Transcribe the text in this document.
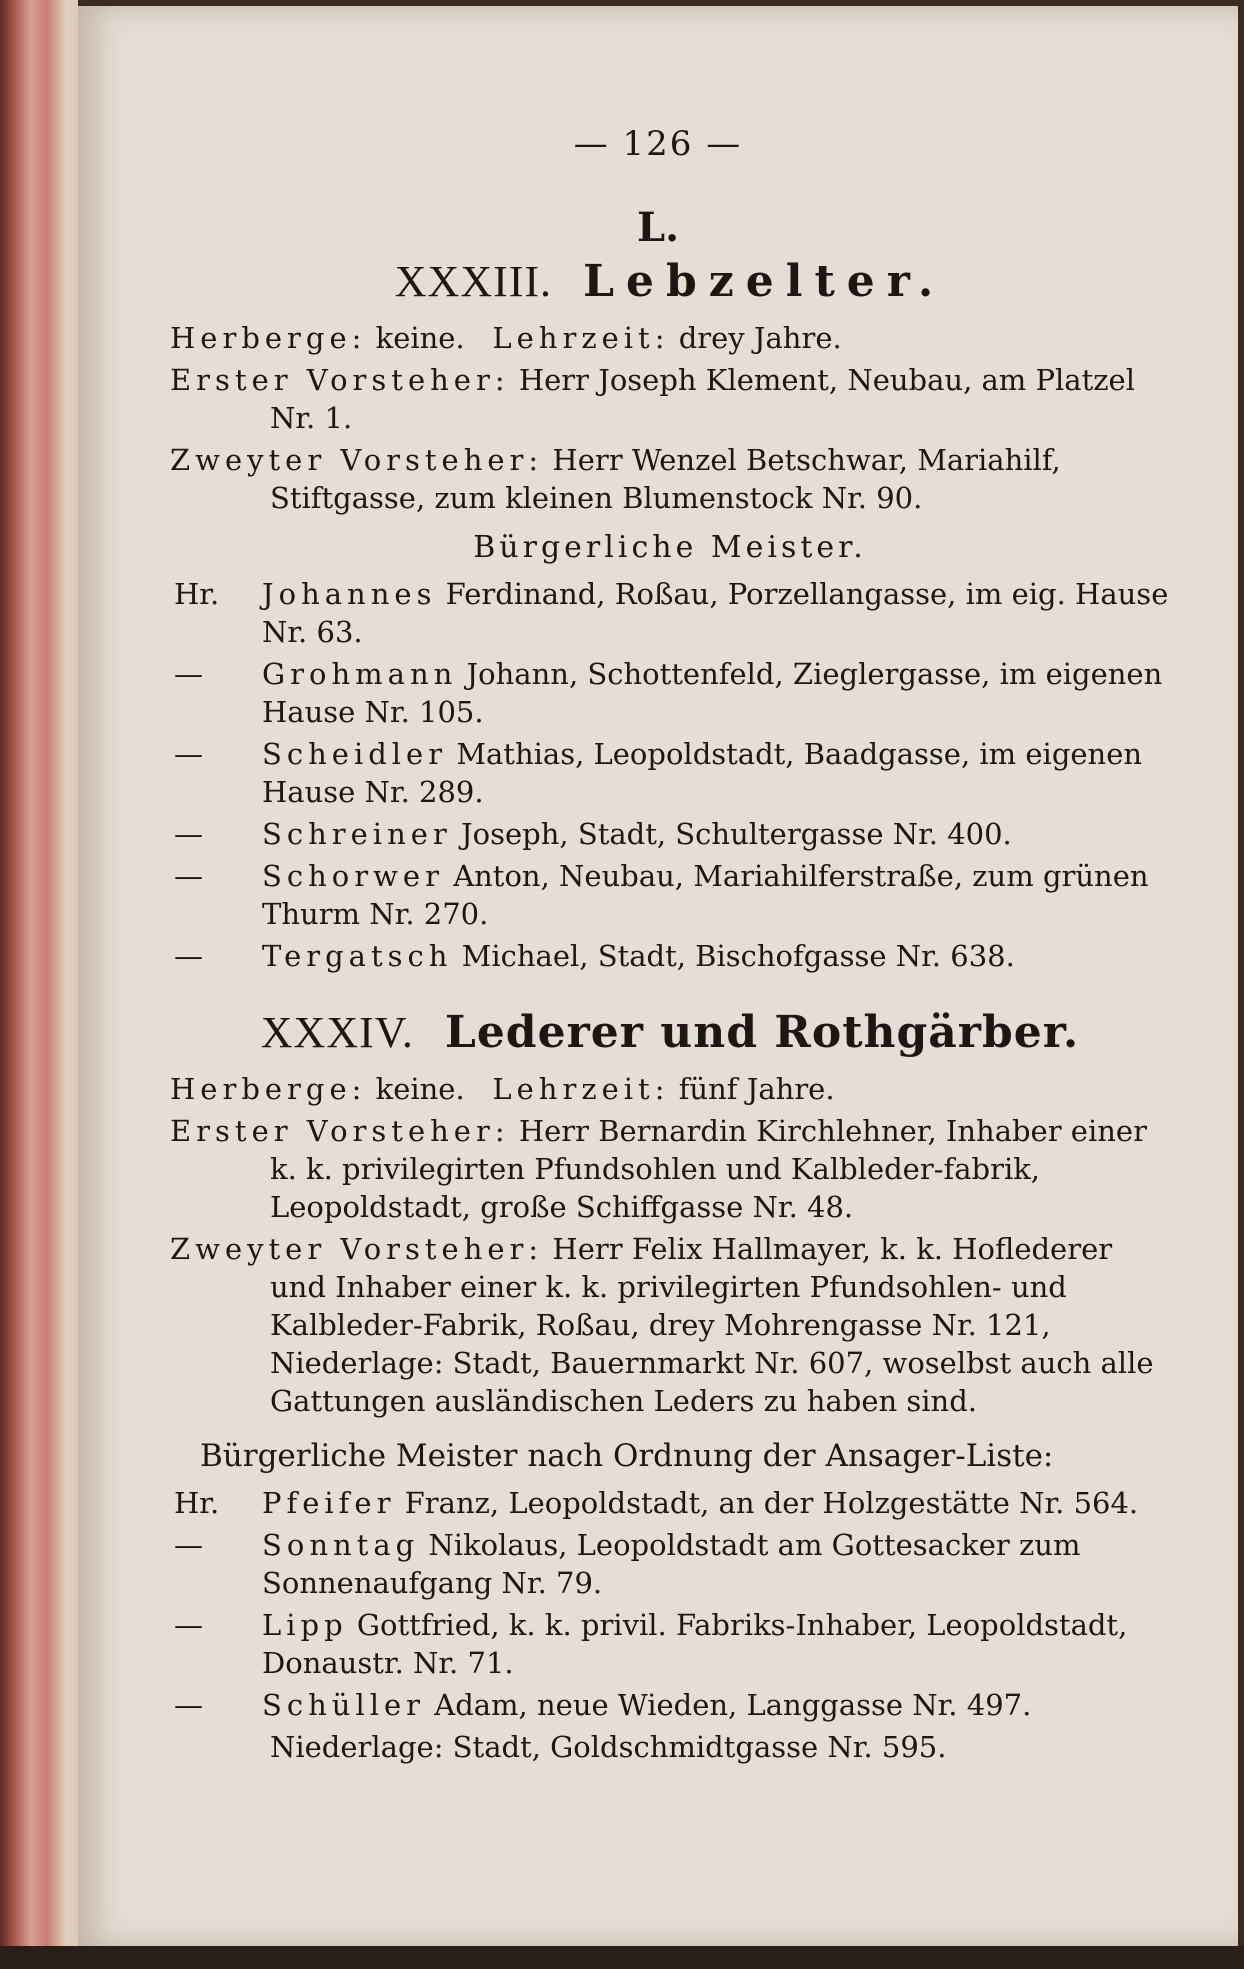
— 126 —
L.
XXXIII. Lebzelter.

Herberge: keine. Lehrzeit: drey Jahre.

Erster Vorsteher: Herr Joseph Klement, Neubau, am Platzel Nr. 1.

Zweyter Vorsteher: Herr Wenzel Betschwar, Mariahilf, Stiftgasse, zum kleinen Blumenstock Nr. 90.

Bürgerliche Meister.
Hr.	Johannes Ferdinand, Roßau, Porzellangasse, im eig. Hause Nr. 63.
—	Grohmann Johann, Schottenfeld, Zieglergasse, im eigenen Hause Nr. 105.
—	Scheidler Mathias, Leopoldstadt, Baadgasse, im eigenen Hause Nr. 289.
—	Schreiner Joseph, Stadt, Schultergasse Nr. 400.
—	Schorwer Anton, Neubau, Mariahilferstraße, zum grünen Thurm Nr. 270.
—	Tergatsch Michael, Stadt, Bischofgasse Nr. 638.
XXXIV. Lederer und Rothgärber.

Herberge: keine. Lehrzeit: fünf Jahre.

Erster Vorsteher: Herr Bernardin Kirchlehner, Inhaber einer k. k. privilegirten Pfundsohlen und Kalbleder-fabrik, Leopoldstadt, große Schiffgasse Nr. 48.

Zweyter Vorsteher: Herr Felix Hallmayer, k. k. Hoflederer und Inhaber einer k. k. privilegirten Pfundsohlen- und Kalbleder-Fabrik, Roßau, drey Mohrengasse Nr. 121, Niederlage: Stadt, Bauernmarkt Nr. 607, woselbst auch alle Gattungen ausländischen Leders zu haben sind.

Bürgerliche Meister nach Ordnung der Ansager-Liste:
Hr.	Pfeifer Franz, Leopoldstadt, an der Holzgestätte Nr. 564.
—	Sonntag Nikolaus, Leopoldstadt am Gottesacker zum Sonnenaufgang Nr. 79.
—	Lipp Gottfried, k. k. privil. Fabriks-Inhaber, Leopoldstadt, Donaustr. Nr. 71.
—	Schüller Adam, neue Wieden, Langgasse Nr. 497.
Niederlage: Stadt, Goldschmidtgasse Nr. 595.
